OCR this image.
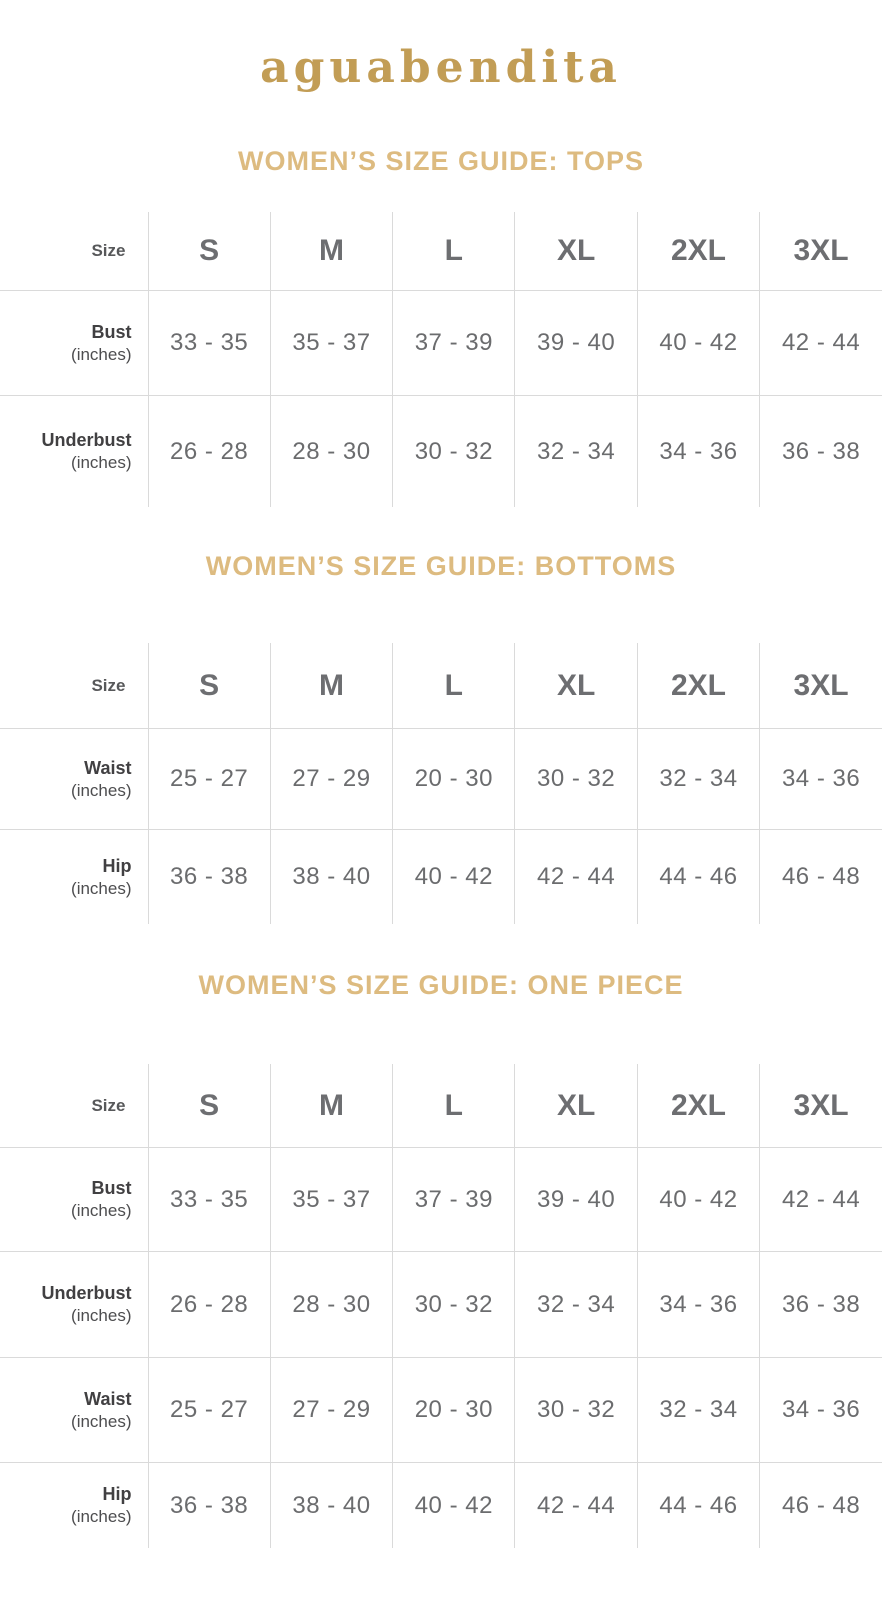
aguabendita
WOMEN’S SIZE GUIDE: TOPS
Size	S	M	L	XL	2XL	3XL

Bust
(inches)	33 - 35	35 - 37	37 - 39	39 - 40	40 - 42	42 - 44

Underbust
(inches)	26 - 28	28 - 30	30 - 32	32 - 34	34 - 36	36 - 38
WOMEN’S SIZE GUIDE: BOTTOMS
Size	S	M	L	XL	2XL	3XL

Waist
(inches)	25 - 27	27 - 29	20 - 30	30 - 32	32 - 34	34 - 36

Hip
(inches)	36 - 38	38 - 40	40 - 42	42 - 44	44 - 46	46 - 48
WOMEN’S SIZE GUIDE: ONE PIECE
Size	S	M	L	XL	2XL	3XL

Bust
(inches)	33 - 35	35 - 37	37 - 39	39 - 40	40 - 42	42 - 44

Underbust
(inches)	26 - 28	28 - 30	30 - 32	32 - 34	34 - 36	36 - 38

Waist
(inches)	25 - 27	27 - 29	20 - 30	30 - 32	32 - 34	34 - 36

Hip
(inches)	36 - 38	38 - 40	40 - 42	42 - 44	44 - 46	46 - 48
